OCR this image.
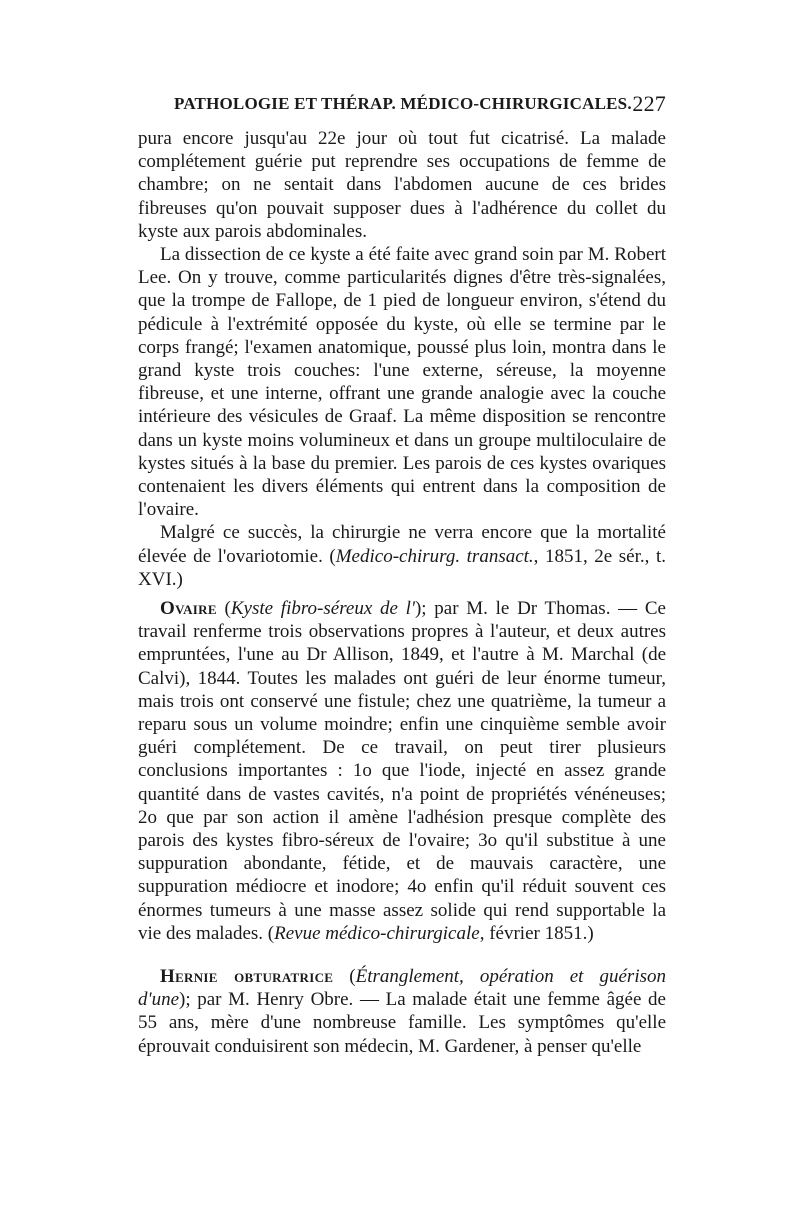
PATHOLOGIE ET THÉRAP. MÉDICO-CHIRURGICALES. 227

pura encore jusqu'au 22e jour où tout fut cicatrisé. La malade complétement guérie put reprendre ses occupations de femme de chambre; on ne sentait dans l'abdomen aucune de ces brides fibreuses qu'on pouvait supposer dues à l'adhérence du collet du kyste aux parois abdominales.

La dissection de ce kyste a été faite avec grand soin par M. Robert Lee. On y trouve, comme particularités dignes d'être très-signalées, que la trompe de Fallope, de 1 pied de longueur environ, s'étend du pédicule à l'extrémité opposée du kyste, où elle se termine par le corps frangé; l'examen anatomique, poussé plus loin, montra dans le grand kyste trois couches: l'une externe, séreuse, la moyenne fibreuse, et une interne, offrant une grande analogie avec la couche intérieure des vésicules de Graaf. La même disposition se rencontre dans un kyste moins volumineux et dans un groupe multiloculaire de kystes situés à la base du premier. Les parois de ces kystes ovariques contenaient les divers éléments qui entrent dans la composition de l'ovaire.

Malgré ce succès, la chirurgie ne verra encore que la mortalité élevée de l'ovariotomie. (Medico-chirurg. transact., 1851, 2e sér., t. XVI.)

Ovaire (Kyste fibro-séreux de l'); par M. le Dr Thomas. — Ce travail renferme trois observations propres à l'auteur, et deux autres empruntées, l'une au Dr Allison, 1849, et l'autre à M. Marchal (de Calvi), 1844. Toutes les malades ont guéri de leur énorme tumeur, mais trois ont conservé une fistule; chez une quatrième, la tumeur a reparu sous un volume moindre; enfin une cinquième semble avoir guéri complétement. De ce travail, on peut tirer plusieurs conclusions importantes : 1o que l'iode, injecté en assez grande quantité dans de vastes cavités, n'a point de propriétés vénéneuses; 2o que par son action il amène l'adhésion presque complète des parois des kystes fibro-séreux de l'ovaire; 3o qu'il substitue à une suppuration abondante, fétide, et de mauvais caractère, une suppuration médiocre et inodore; 4o enfin qu'il réduit souvent ces énormes tumeurs à une masse assez solide qui rend supportable la vie des malades. (Revue médico-chirurgicale, février 1851.)

Hernie obturatrice (Étranglement, opération et guérison d'une); par M. Henry Obre. — La malade était une femme âgée de 55 ans, mère d'une nombreuse famille. Les symptômes qu'elle éprouvait conduisirent son médecin, M. Gardener, à penser qu'elle
